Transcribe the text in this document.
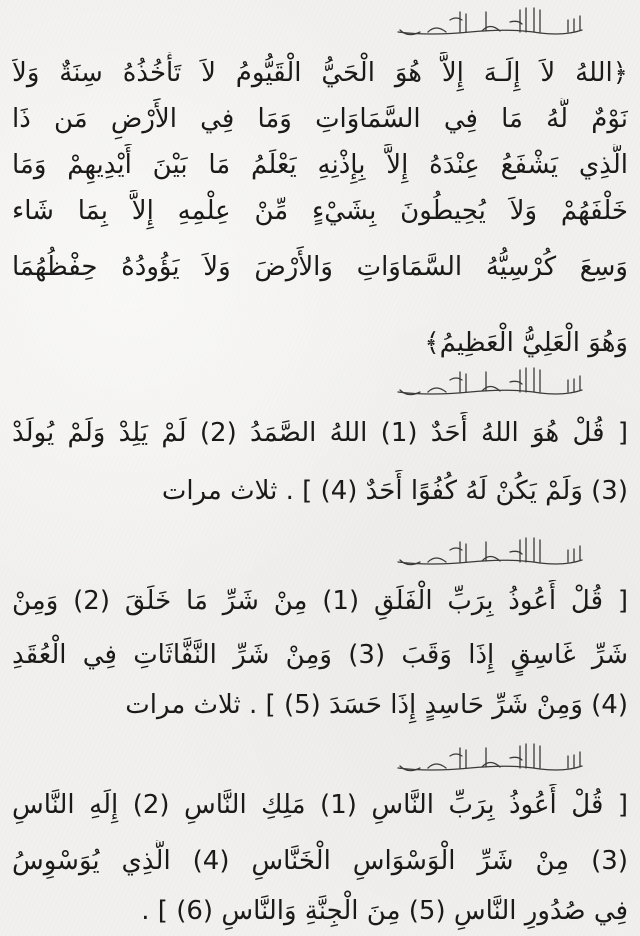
﴿اللهُ لاَ إِلَـهَ إِلاَّ هُوَ الْحَيُّ الْقَيُّومُ لاَ تَأْخُذُهُ سِنَةٌ وَلاَ
نَوْمٌ لَّهُ مَا فِي السَّمَاوَاتِ وَمَا فِي الأَرْضِ مَن ذَا
الَّذِي يَشْفَعُ عِنْدَهُ إِلاَّ بِإِذْنِهِ يَعْلَمُ مَا بَيْنَ أَيْدِيهِمْ وَمَا
خَلْفَهُمْ وَلاَ يُحِيطُونَ بِشَيْءٍ مِّنْ عِلْمِهِ إِلاَّ بِمَا شَاء
وَسِعَ كُرْسِيُّهُ السَّمَاوَاتِ وَالأَرْضَ وَلاَ يَؤُودُهُ حِفْظُهُمَا
وَهُوَ الْعَلِيُّ الْعَظِيمُ﴾
[ قُلْ هُوَ اللهُ أَحَدٌ (1) اللهُ الصَّمَدُ (2) لَمْ يَلِدْ وَلَمْ يُولَدْ
(3) وَلَمْ يَكُنْ لَهُ كُفُوًا أَحَدٌ (4) ] . ثلاث مرات
[ قُلْ أَعُوذُ بِرَبِّ الْفَلَقِ (1) مِنْ شَرِّ مَا خَلَقَ (2) وَمِنْ
شَرِّ غَاسِقٍ إِذَا وَقَبَ (3) وَمِنْ شَرِّ النَّفَّاثَاتِ فِي الْعُقَدِ
(4) وَمِنْ شَرِّ حَاسِدٍ إِذَا حَسَدَ (5) ] . ثلاث مرات
[ قُلْ أَعُوذُ بِرَبِّ النَّاسِ (1) مَلِكِ النَّاسِ (2) إِلَهِ النَّاسِ
(3) مِنْ شَرِّ الْوَسْوَاسِ الْخَنَّاسِ (4) الَّذِي يُوَسْوِسُ
فِي صُدُورِ النَّاسِ (5) مِنَ الْجِنَّةِ وَالنَّاسِ (6) ] .
